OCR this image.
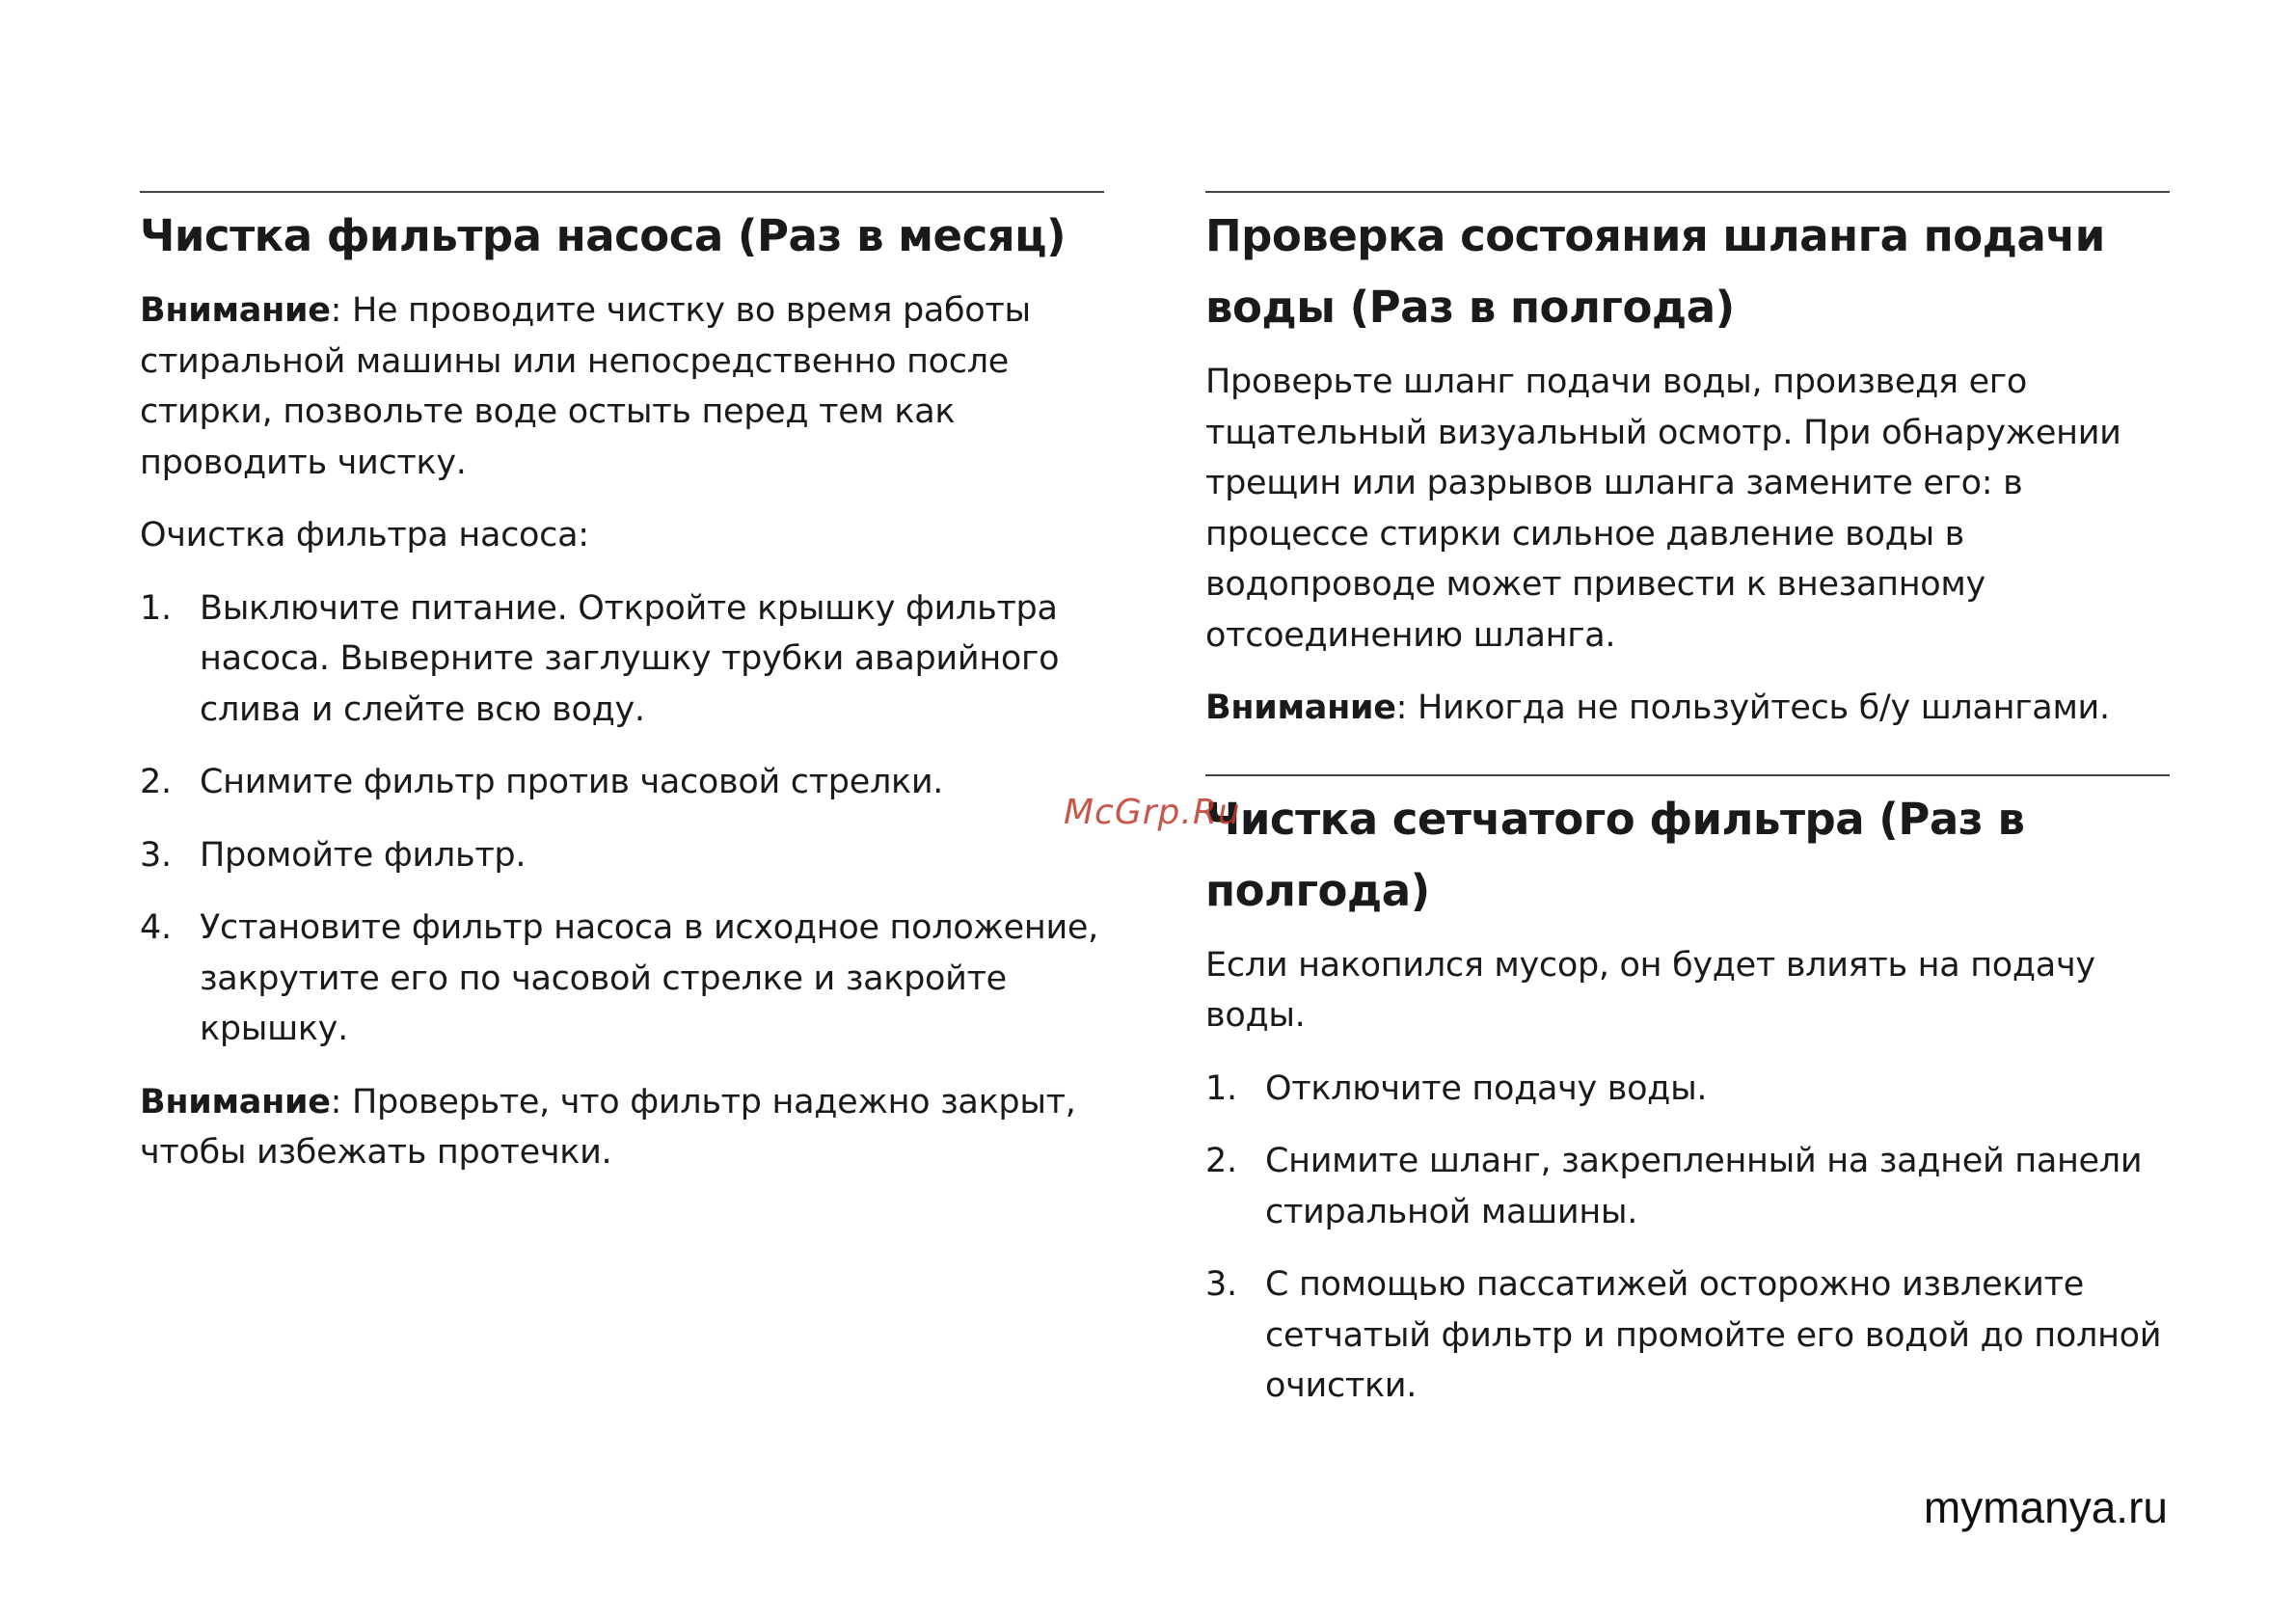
Чистка фильтра насоса (Раз в месяц)

Внимание: Не проводите чистку во время работы стиральной машины или непосредственно после стирки, позвольте воде остыть перед тем как проводить чистку.

Очистка фильтра насоса:

1. Выключите питание. Откройте крышку фильтра насоса. Выверните заглушку трубки аварийного слива и слейте всю воду.
2. Снимите фильтр против часовой стрелки.
3. Промойте фильтр.
4. Установите фильтр насоса в исходное положение, закрутите его по часовой стрелке и закройте крышку.

Внимание: Проверьте, что фильтр надежно закрыт, чтобы избежать протечки.

Проверка состояния шланга подачи воды (Раз в полгода)

Проверьте шланг подачи воды, произведя его тщательный визуальный осмотр. При обнаружении трещин или разрывов шланга замените его: в процессе стирки сильное давление воды в водопроводе может привести к внезапному отсоединению шланга.

Внимание: Никогда не пользуйтесь б/у шлангами.

Чистка сетчатого фильтра (Раз в полгода)

Если накопился мусор, он будет влиять на подачу воды.

1. Отключите подачу воды.
2. Снимите шланг, закрепленный на задней панели стиральной машины.
3. С помощью пассатижей осторожно извлеките сетчатый фильтр и промойте его водой до полной очистки.
McGrp.Ru
mymanya.ru
